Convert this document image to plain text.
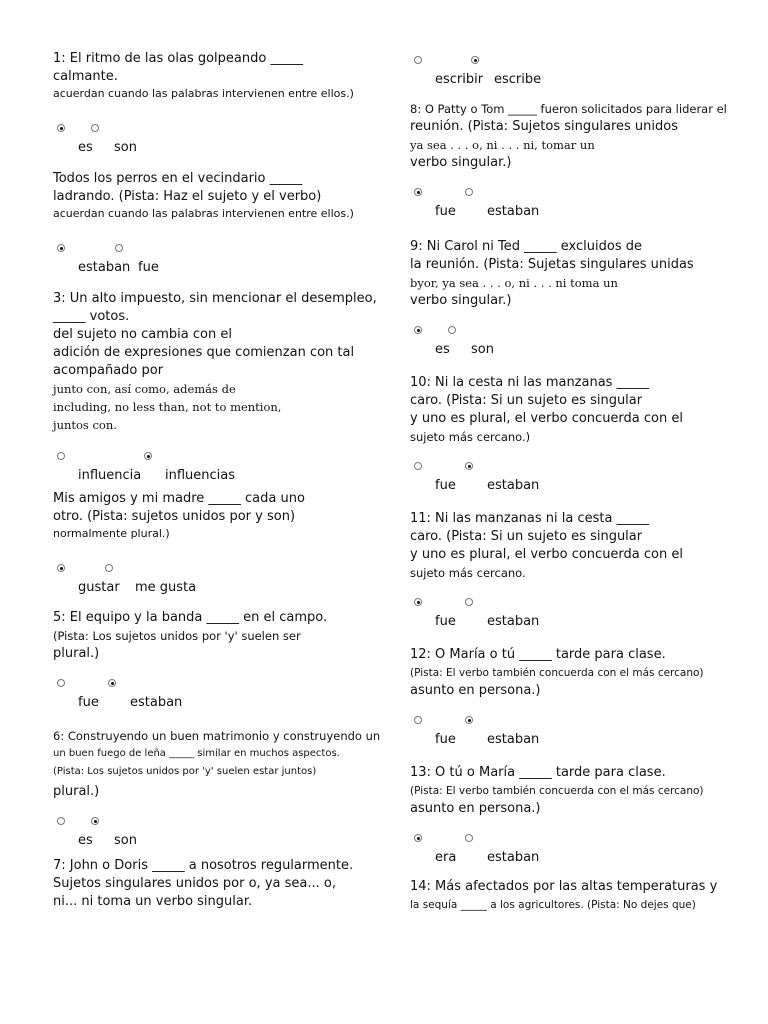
1: El ritmo de las olas golpeando _____
calmante.
acuerdan cuando las palabras intervienen entre ellos.)
es son
Todos los perros en el vecindario _____
ladrando. (Pista: Haz el sujeto y el verbo)
acuerdan cuando las palabras intervienen entre ellos.)
estaban fue
3: Un alto impuesto, sin mencionar el desempleo,
_____ votos.
del sujeto no cambia con el
adición de expresiones que comienzan con tal
acompañado por
junto con, así como, además de
including, no less than, not to mention,
juntos con.
influencia influencias
Mis amigos y mi madre _____ cada uno
otro. (Pista: sujetos unidos por y son)
normalmente plural.)
gustar me gusta
5: El equipo y la banda _____ en el campo.
(Pista: Los sujetos unidos por 'y' suelen ser
plural.)
fue estaban
6: Construyendo un buen matrimonio y construyendo un
un buen fuego de leña _____ similar en muchos aspectos.
(Pista: Los sujetos unidos por 'y' suelen estar juntos)
plural.)
es son
7: John o Doris _____ a nosotros regularmente.
Sujetos singulares unidos por o, ya sea... o,
ni... ni toma un verbo singular.
escribir escribe
8: O Patty o Tom _____ fueron solicitados para liderar el
reunión. (Pista: Sujetos singulares unidos
ya sea . . . o, ni . . . ni, tomar un
verbo singular.)
fue estaban
9: Ni Carol ni Ted _____ excluidos de
la reunión. (Pista: Sujetas singulares unidas
byor, ya sea . . . o, ni . . . ni toma un
verbo singular.)
es son
10: Ni la cesta ni las manzanas _____
caro. (Pista: Si un sujeto es singular
y uno es plural, el verbo concuerda con el
sujeto más cercano.)
fue estaban
11: Ni las manzanas ni la cesta _____
caro. (Pista: Si un sujeto es singular
y uno es plural, el verbo concuerda con el
sujeto más cercano.
fue estaban
12: O María o tú _____ tarde para clase.
(Pista: El verbo también concuerda con el más cercano)
asunto en persona.)
fue estaban
13: O tú o María _____ tarde para clase.
(Pista: El verbo también concuerda con el más cercano)
asunto en persona.)
era estaban
14: Más afectados por las altas temperaturas y
la sequía _____ a los agricultores. (Pista: No dejes que)
